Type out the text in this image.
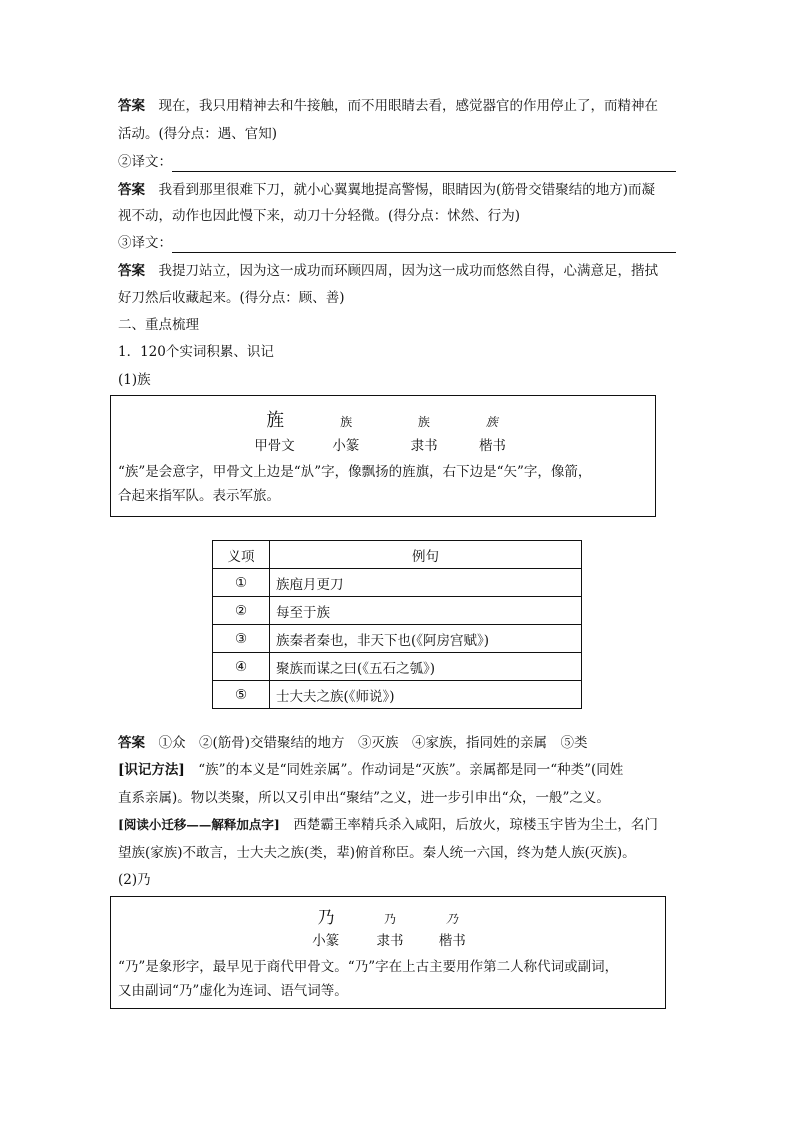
答案　 现在，我只用精神去和牛接触，而不用眼睛去看，感觉器官的作用停止了，而精神在
活动。(得分点：遇、官知)
②译文：
答案　 我看到那里很难下刀，就小心翼翼地提高警惕，眼睛因为(筋骨交错聚结的地方)而凝
视不动，动作也因此慢下来，动刀十分轻微。(得分点：怵然、行为)
③译文：
答案　 我提刀站立，因为这一成功而环顾四周，因为这一成功而悠然自得，心满意足，揩拭
好刀然后收藏起来。(得分点：顾、善)
二、重点梳理
1．120个实词积累、识记
(1)族
旌	族	族	族
甲骨文	小篆	隶书	楷书
“族”是会意字，甲骨文上边是“㫃”字，像飘扬的旌旗，右下边是“矢”字，像箭，
合起来指军队。表示军旅。
义项	例句
①	族庖月更刀
②	每至于族
③	族秦者秦也，非天下也(《阿房宫赋》)
④	聚族而谋之曰(《五石之瓠》)
⑤	士大夫之族(《师说》)
答案　 ①众　②(筋骨)交错聚结的地方　③灭族　④家族，指同姓的亲属　⑤类
[识记方法]　 “族”的本义是“同姓亲属”。作动词是“灭族”。亲属都是同一“种类”(同姓
直系亲属)。物以类聚，所以又引申出“聚结”之义，进一步引申出“众，一般”之义。
[阅读小迁移——解释加点字]　 西楚霸王率精兵杀入咸阳，后放火，琼楼玉宇皆为尘土，名门
望族(家族)不敢言，士大夫之族(类，辈)俯首称臣。秦人统一六国，终为楚人族(灭族)。
(2)乃
乃	乃	乃
小篆	隶书	楷书
“乃”是象形字，最早见于商代甲骨文。“乃”字在上古主要用作第二人称代词或副词，
又由副词“乃”虚化为连词、语气词等。
